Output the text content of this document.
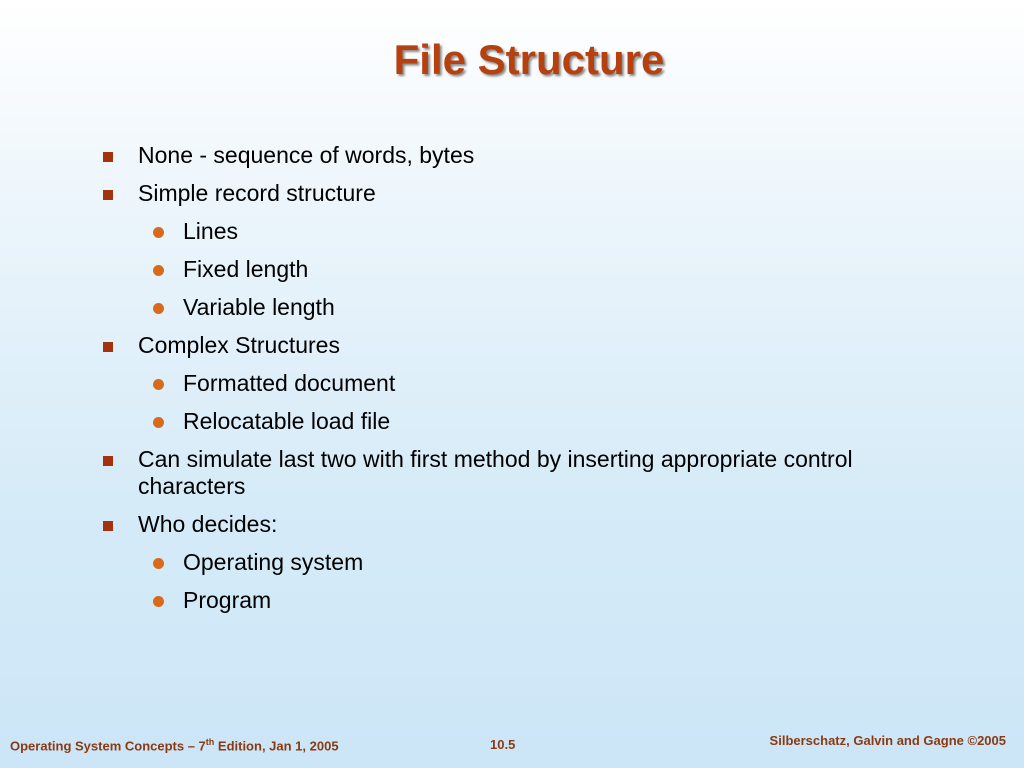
File Structure
None - sequence of words, bytes
Simple record structure
Lines
Fixed length
Variable length
Complex Structures
Formatted document
Relocatable load file
Can simulate last two with first method by inserting appropriate control characters
Who decides:
Operating system
Program
Operating System Concepts – 7th Edition, Jan 1, 2005	10.5	Silberschatz, Galvin and Gagne ©2005
